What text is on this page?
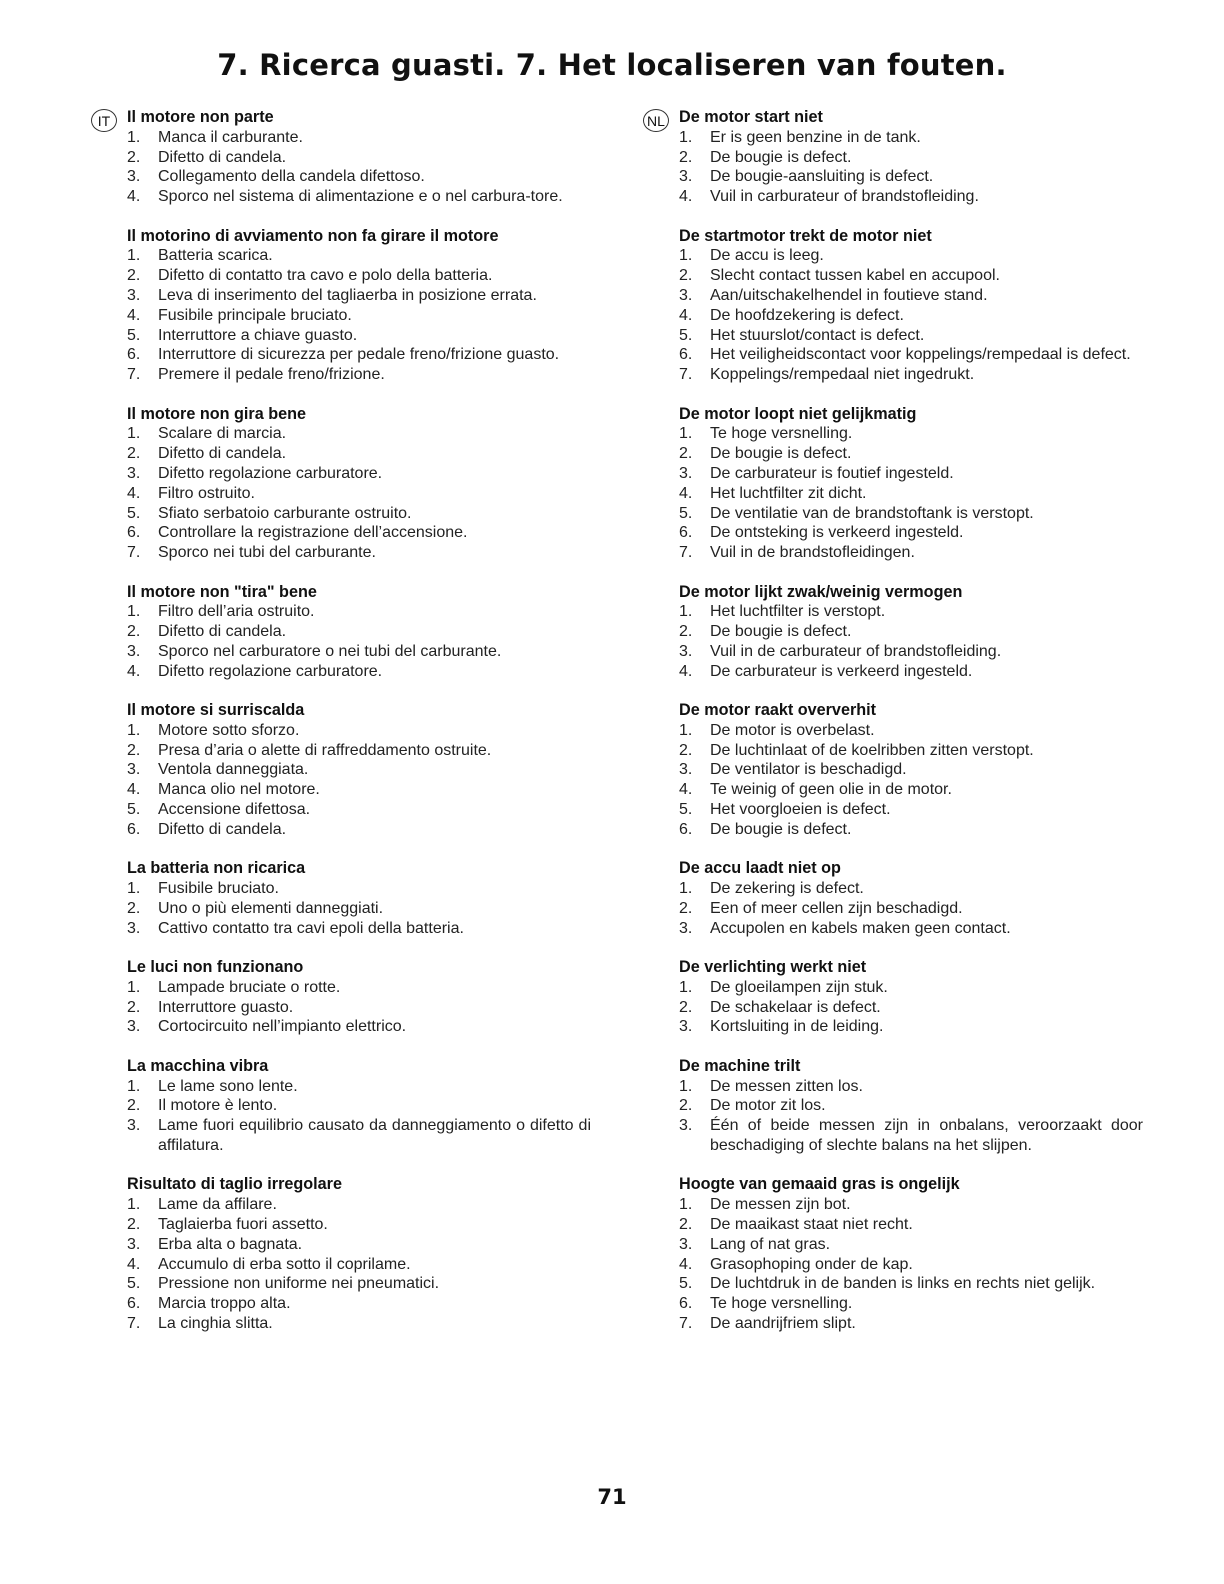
7. Ricerca guasti. 7. Het localiseren van fouten.
IT	Il motore non parte
1. Manca il carburante.
2. Difetto di candela.
3. Collegamento della candela difettoso.
4. Sporco nel sistema di alimentazione e o nel carbura-tore.
Il motorino di avviamento non fa girare il motore
1. Batteria scarica.
2. Difetto di contatto tra cavo e polo della batteria.
3. Leva di inserimento del tagliaerba in posizione errata.
4. Fusibile principale bruciato.
5. Interruttore a chiave guasto.
6. Interruttore di sicurezza per pedale freno/frizione guasto.
7. Premere il pedale freno/frizione.
Il motore non gira bene
1. Scalare di marcia.
2. Difetto di candela.
3. Difetto regolazione carburatore.
4. Filtro ostruito.
5. Sfiato serbatoio carburante ostruito.
6. Controllare la registrazione dell’accensione.
7. Sporco nei tubi del carburante.
Il motore non "tira" bene
1. Filtro dell’aria ostruito.
2. Difetto di candela.
3. Sporco nel carburatore o nei tubi del carburante.
4. Difetto regolazione carburatore.
Il motore si surriscalda
1. Motore sotto sforzo.
2. Presa d’aria o alette di raffreddamento ostruite.
3. Ventola danneggiata.
4. Manca olio nel motore.
5. Accensione difettosa.
6. Difetto di candela.
La batteria non ricarica
1. Fusibile bruciato.
2. Uno o più elementi danneggiati.
3. Cattivo contatto tra cavi epoli della batteria.
Le luci non funzionano
1. Lampade bruciate o rotte.
2. Interruttore guasto.
3. Cortocircuito nell’impianto elettrico.
La macchina vibra
1. Le lame sono lente.
2. Il motore è lento.
3. Lame fuori equilibrio causato da danneggiamento o difetto di affilatura.
Risultato di taglio irregolare
1. Lame da affilare.
2. Taglaierba fuori assetto.
3. Erba alta o bagnata.
4. Accumulo di erba sotto il coprilame.
5. Pressione non uniforme nei pneumatici.
6. Marcia troppo alta.
7. La cinghia slitta.
NL De motor start niet
1. Er is geen benzine in de tank.
2. De bougie is defect.
3. De bougie-aansluiting is defect.
4. Vuil in carburateur of brandstofleiding.
De startmotor trekt de motor niet
1. De accu is leeg.
2. Slecht contact tussen kabel en accupool.
3. Aan/uitschakelhendel in foutieve stand.
4. De hoofdzekering is defect.
5. Het stuurslot/contact is defect.
6. Het veiligheidscontact voor koppelings/rempedaal is defect.
7. Koppelings/rempedaal niet ingedrukt.
De motor loopt niet gelijkmatig
1. Te hoge versnelling.
2. De bougie is defect.
3. De carburateur is foutief ingesteld.
4. Het luchtfilter zit dicht.
5. De ventilatie van de brandstoftank is verstopt.
6. De ontsteking is verkeerd ingesteld.
7. Vuil in de brandstofleidingen.
De motor lijkt zwak/weinig vermogen
1. Het luchtfilter is verstopt.
2. De bougie is defect.
3. Vuil in de carburateur of brandstofleiding.
4. De carburateur is verkeerd ingesteld.
De motor raakt oververhit
1. De motor is overbelast.
2. De luchtinlaat of de koelribben zitten verstopt.
3. De ventilator is beschadigd.
4. Te weinig of geen olie in de motor.
5. Het voorgloeien is defect.
6. De bougie is defect.
De accu laadt niet op
1. De zekering is defect.
2. Een of meer cellen zijn beschadigd.
3. Accupolen en kabels maken geen contact.
De verlichting werkt niet
1. De gloeilampen zijn stuk.
2. De schakelaar is defect.
3. Kortsluiting in de leiding.
De machine trilt
1. De messen zitten los.
2. De motor zit los.
3. Één of beide messen zijn in onbalans, veroorzaakt door beschadiging of slechte balans na het slijpen.
Hoogte van gemaaid gras is ongelijk
1. De messen zijn bot.
2. De maaikast staat niet recht.
3. Lang of nat gras.
4. Grasophoping onder de kap.
5. De luchtdruk in de banden is links en rechts niet gelijk.
6. Te hoge versnelling.
7. De aandrijfriem slipt.
71
